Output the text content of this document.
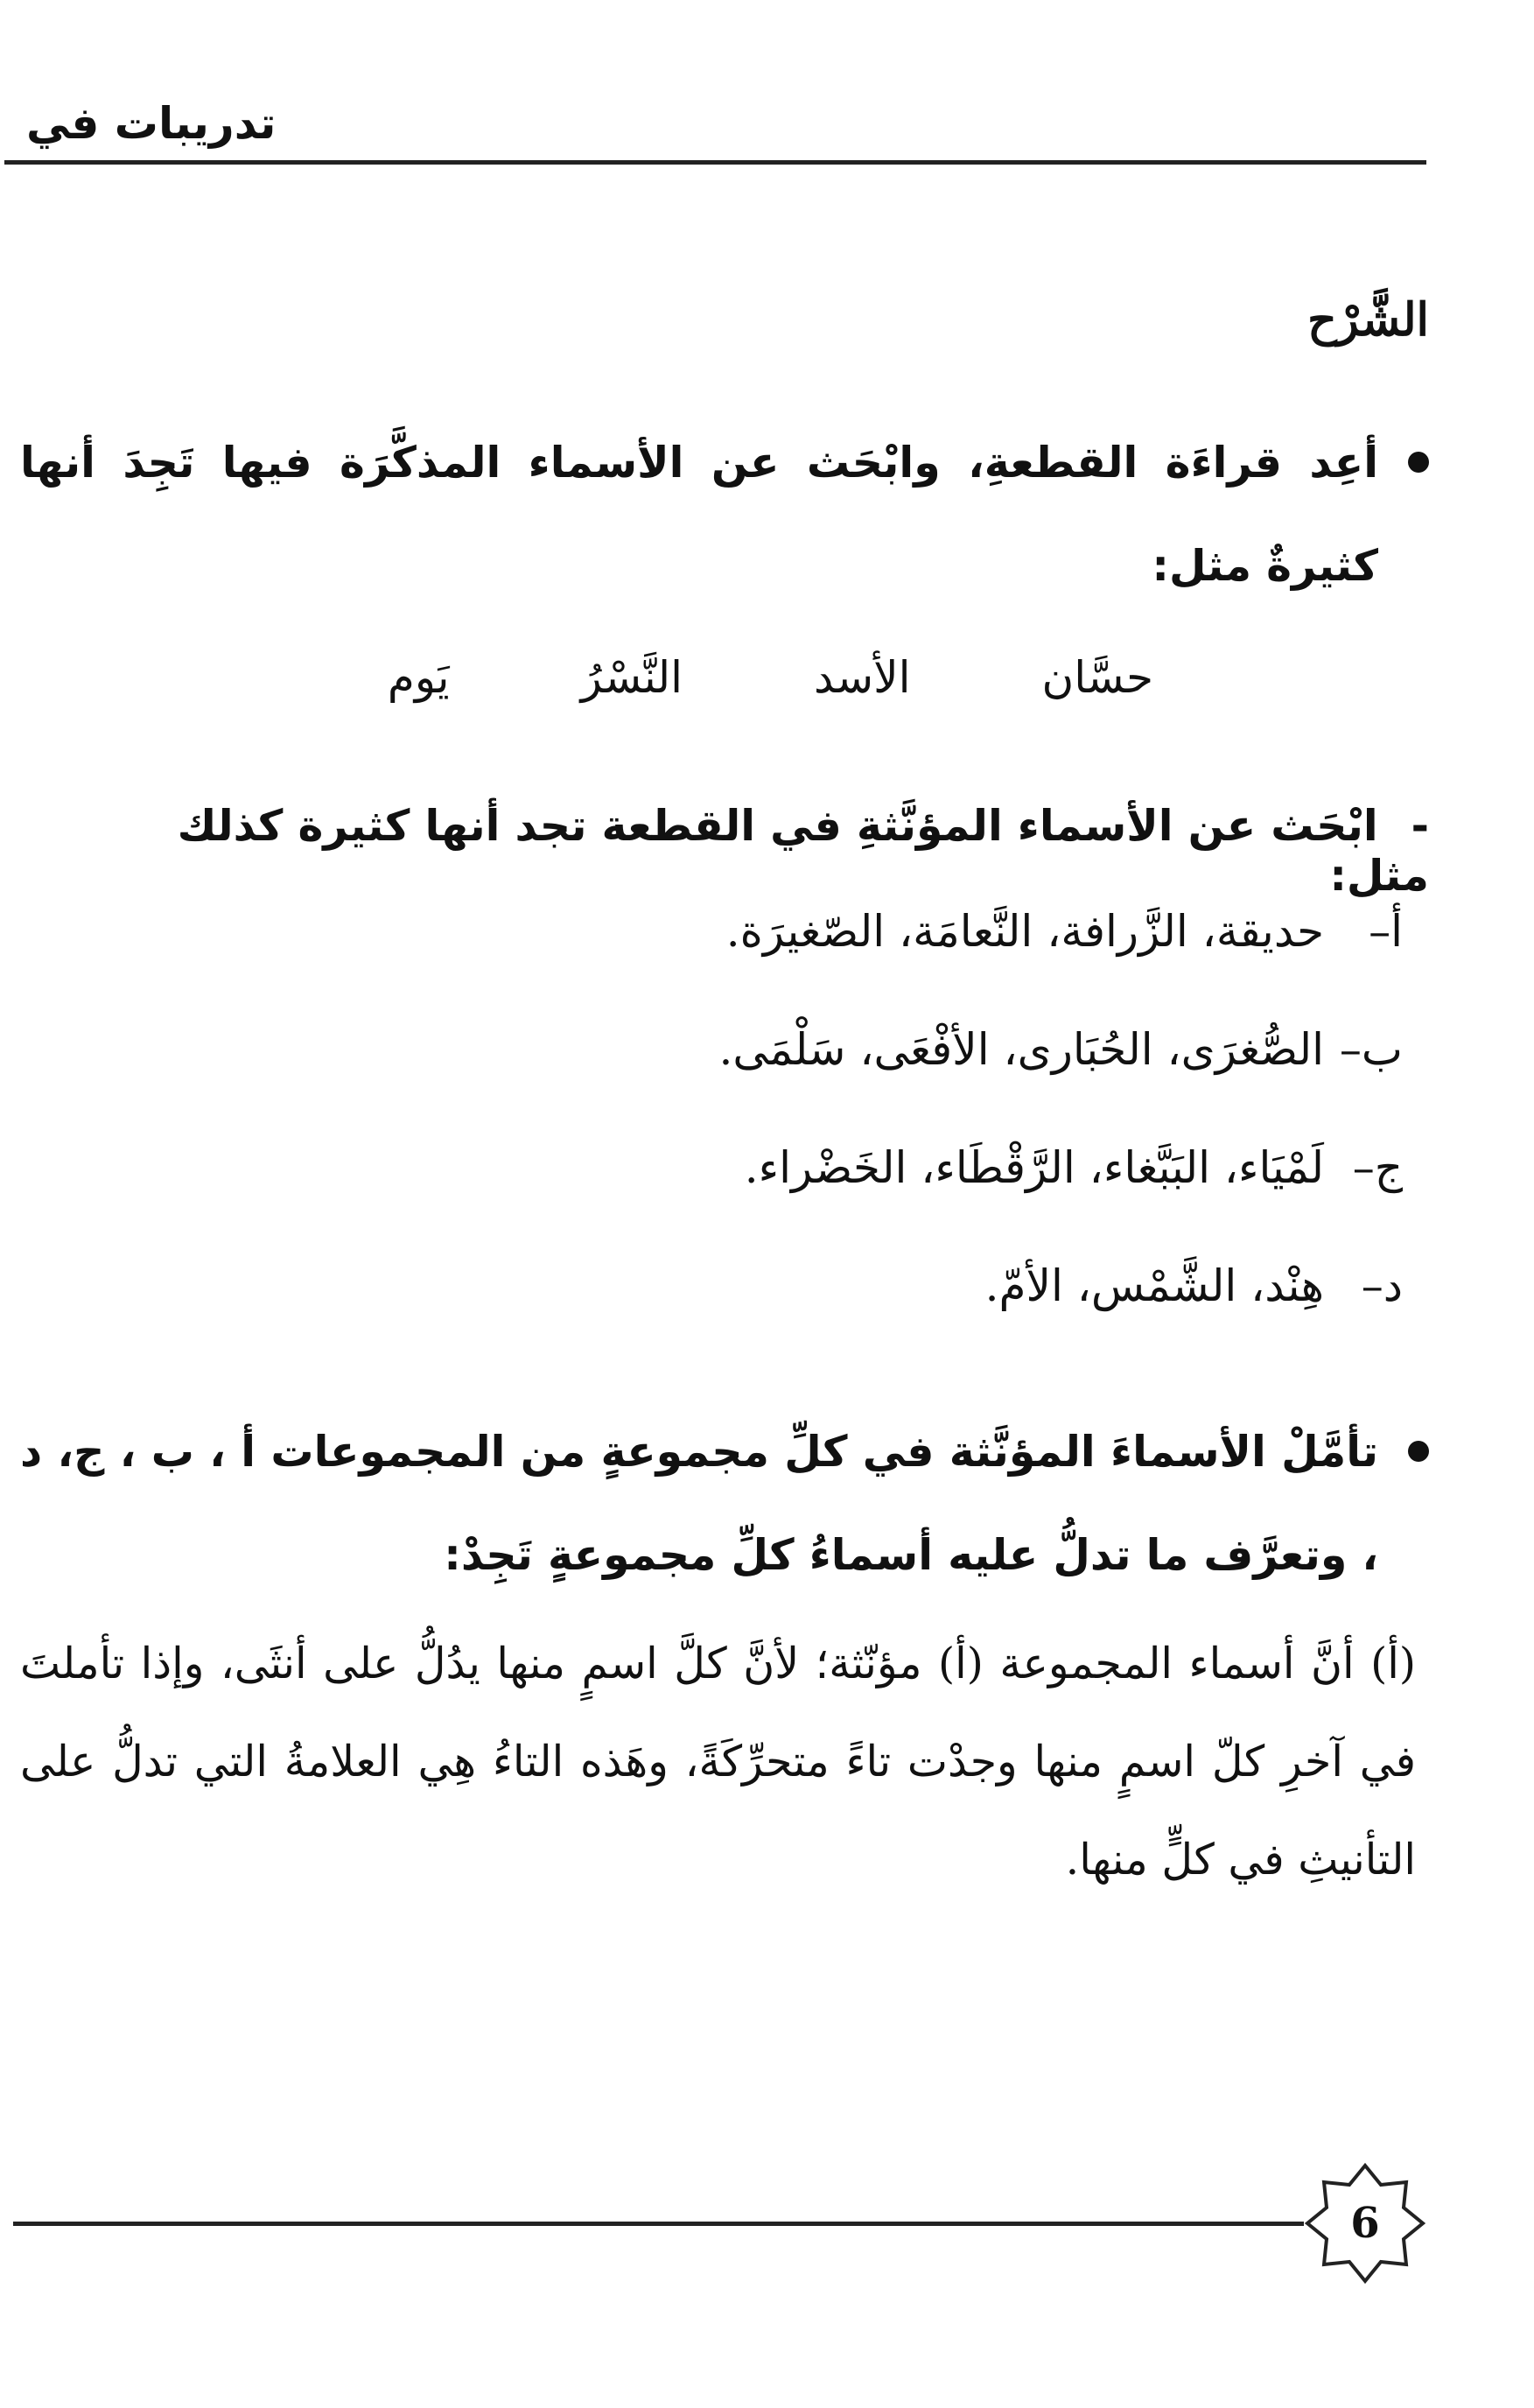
تدريبات في
الشَّرْح
أعِد قراءَة القطعةِ، وابْحَث عن الأسماء المذكَّرَة فيها تَجِدَ أنها كثيرةٌ مثل:
حسَّان
الأسد
النَّسْرُ
يَوم
-ابْحَث عن الأسماء المؤنَّثةِ في القطعة تجد أنها كثيرة كذلك مثل:
أ–
حديقة، الزَّرافة، النَّعامَة، الصّغيرَة.
ب–
الصُّغرَى، الحُبَارى، الأفْعَى، سَلْمَى.
ج–
لَمْيَاء، البَبَّغاء، الرَّقْطَاء، الخَضْراء.
د–
هِنْد، الشَّمْس، الأمّ.
تأمَّلْ الأسماءَ المؤنَّثة في كلِّ مجموعةٍ من المجموعات أ ، ب ، ج، د ، وتعرَّف ما تدلُّ عليه أسماءُ كلِّ مجموعةٍ تَجِدْ:
(أ) أنَّ أسماء المجموعة (أ) مؤنّثة؛ لأنَّ كلَّ اسمٍ منها يدُلُّ على أنثَى، وإذا تأملتَ في آخرِ كلّ اسمٍ منها وجدْت تاءً متحرِّكَةً، وهَذه التاءُ هِي العلامةُ التي تدلُّ على التأنيثِ في كلٍّ منها.
6
